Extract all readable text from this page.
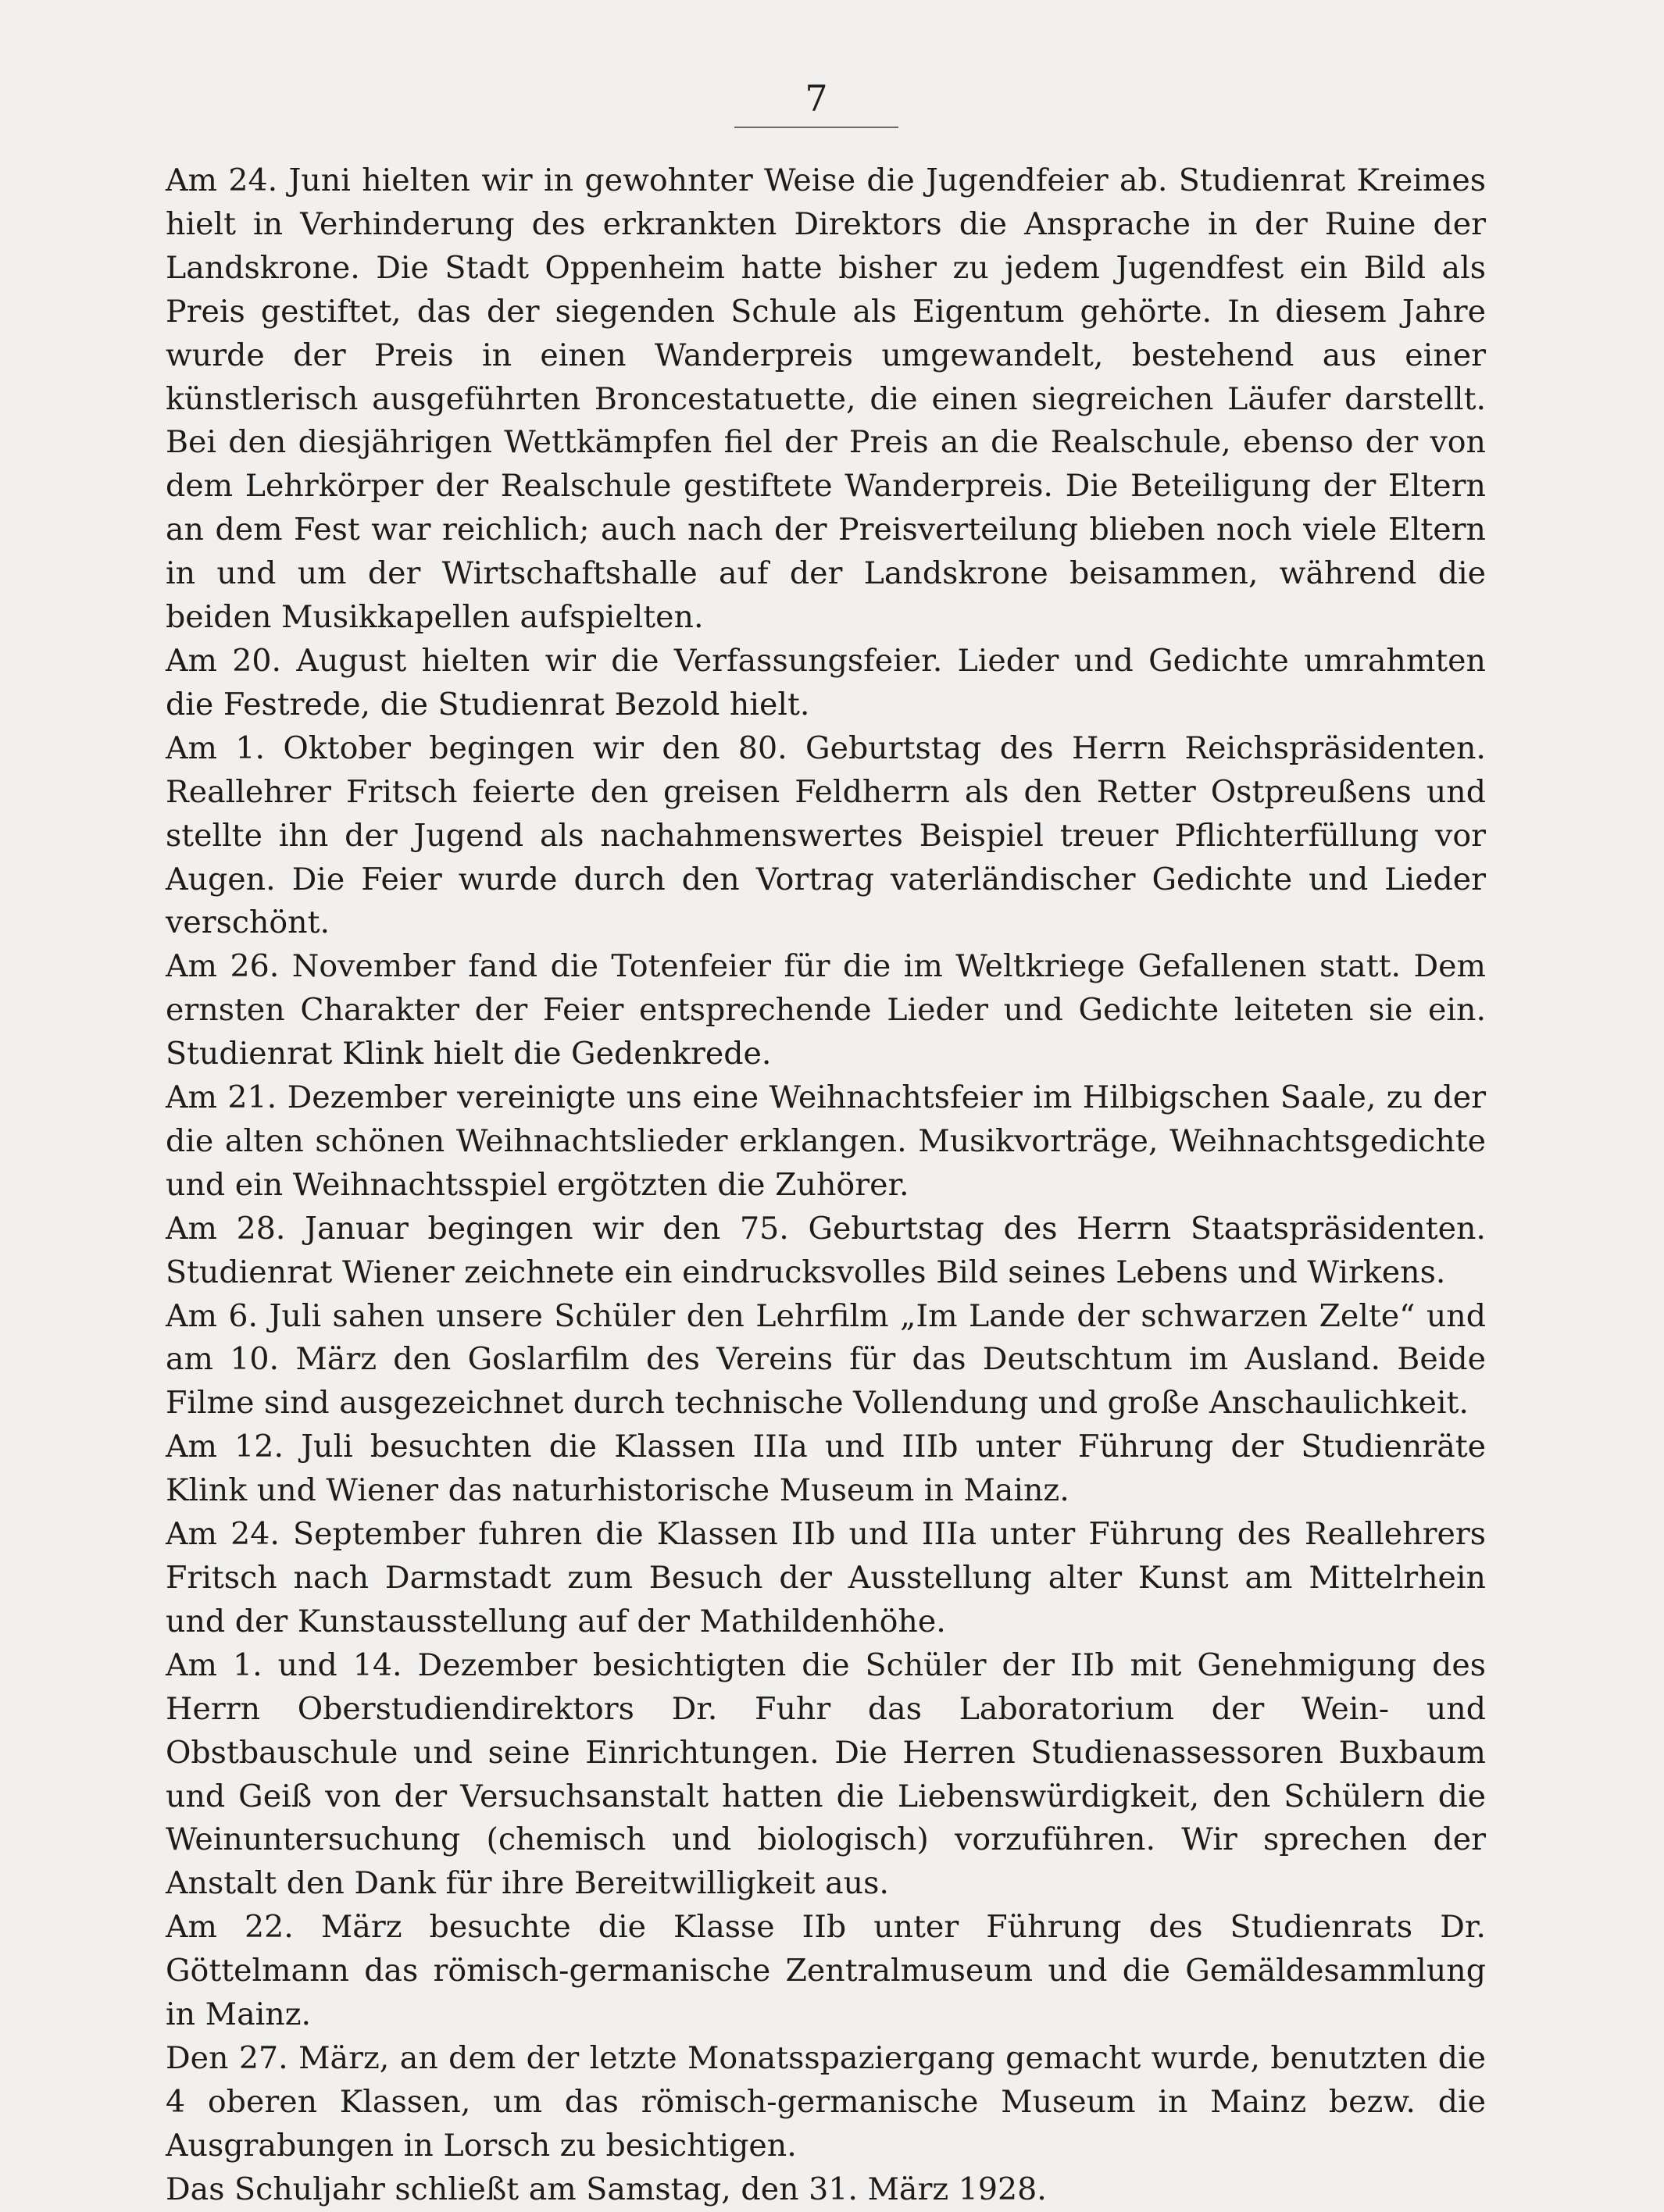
7

Am 24. Juni hielten wir in gewohnter Weise die Jugendfeier ab. Studienrat Kreimes hielt in Verhinderung des erkrankten Direktors die Ansprache in der Ruine der Landskrone. Die Stadt Oppenheim hatte bisher zu jedem Jugendfest ein Bild als Preis gestiftet, das der siegenden Schule als Eigentum gehörte. In diesem Jahre wurde der Preis in einen Wanderpreis umgewandelt, bestehend aus einer künstlerisch ausgeführten Broncestatuette, die einen siegreichen Läufer darstellt. Bei den diesjährigen Wettkämpfen fiel der Preis an die Realschule, ebenso der von dem Lehrkörper der Realschule gestiftete Wanderpreis. Die Beteiligung der Eltern an dem Fest war reichlich; auch nach der Preisverteilung blieben noch viele Eltern in und um der Wirtschaftshalle auf der Landskrone beisammen, während die beiden Musikkapellen aufspielten.

Am 20. August hielten wir die Verfassungsfeier. Lieder und Gedichte umrahmten die Festrede, die Studienrat Bezold hielt.

Am 1. Oktober begingen wir den 80. Geburtstag des Herrn Reichspräsidenten. Reallehrer Fritsch feierte den greisen Feldherrn als den Retter Ostpreußens und stellte ihn der Jugend als nachahmenswertes Beispiel treuer Pflichterfüllung vor Augen. Die Feier wurde durch den Vortrag vaterländischer Gedichte und Lieder verschönt.

Am 26. November fand die Totenfeier für die im Weltkriege Gefallenen statt. Dem ernsten Charakter der Feier entsprechende Lieder und Gedichte leiteten sie ein. Studienrat Klink hielt die Gedenkrede.

Am 21. Dezember vereinigte uns eine Weihnachtsfeier im Hilbigschen Saale, zu der die alten schönen Weihnachtslieder erklangen. Musikvorträge, Weihnachtsgedichte und ein Weihnachtsspiel ergötzten die Zuhörer.

Am 28. Januar begingen wir den 75. Geburtstag des Herrn Staatspräsidenten. Studienrat Wiener zeichnete ein eindrucksvolles Bild seines Lebens und Wirkens.

Am 6. Juli sahen unsere Schüler den Lehrfilm „Im Lande der schwarzen Zelte“ und am 10. März den Goslarfilm des Vereins für das Deutschtum im Ausland. Beide Filme sind ausgezeichnet durch technische Vollendung und große Anschaulichkeit.

Am 12. Juli besuchten die Klassen IIIa und IIIb unter Führung der Studienräte Klink und Wiener das naturhistorische Museum in Mainz.

Am 24. September fuhren die Klassen IIb und IIIa unter Führung des Reallehrers Fritsch nach Darmstadt zum Besuch der Ausstellung alter Kunst am Mittelrhein und der Kunstausstellung auf der Mathildenhöhe.

Am 1. und 14. Dezember besichtigten die Schüler der IIb mit Genehmigung des Herrn Oberstudiendirektors Dr. Fuhr das Laboratorium der Wein- und Obstbauschule und seine Einrichtungen. Die Herren Studienassessoren Buxbaum und Geiß von der Versuchsanstalt hatten die Liebenswürdigkeit, den Schülern die Weinuntersuchung (chemisch und biologisch) vorzuführen. Wir sprechen der Anstalt den Dank für ihre Bereitwilligkeit aus.

Am 22. März besuchte die Klasse IIb unter Führung des Studienrats Dr. Göttelmann das römisch-germanische Zentralmuseum und die Gemäldesammlung in Mainz.

Den 27. März, an dem der letzte Monatsspaziergang gemacht wurde, benutzten die 4 oberen Klassen, um das römisch-germanische Museum in Mainz bezw. die Ausgrabungen in Lorsch zu besichtigen.

Das Schuljahr schließt am Samstag, den 31. März 1928.
